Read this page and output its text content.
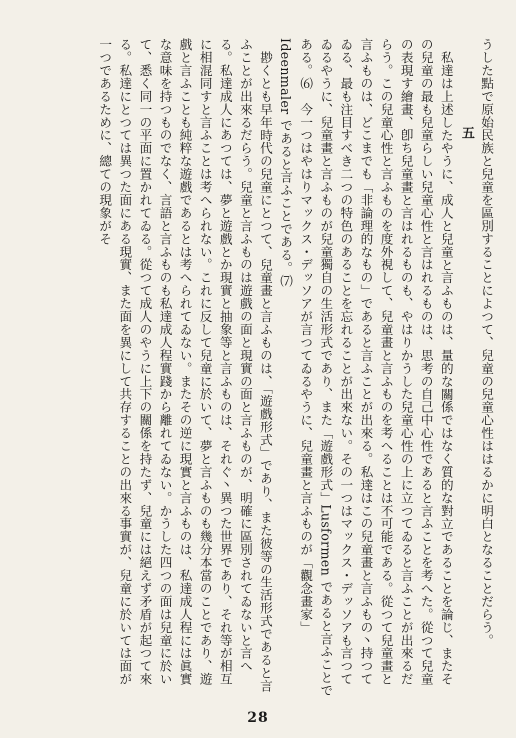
うした點で原始民族と兒童を區別することによつて、兒童の兒童心性ははるかに明白となることだらう。

五

私達は上述したやうに、成人と兒童と言ふものは、量的な關係ではなく質的な對立であることを論じ、またその兒童の最も兒童らしい兒童心性と言はれるものは、思考の自己中心性であると言ふことを考へた。從つて兒童の表現す繪畫、卽ち兒童畫と言はれるものも、やはりかうした兒童心性の上に立つてゐると言ふことが出來るだらう。この兒童心性と言ふものを度外視して、兒童畫と言ふものを考へることは不可能である。從つて兒童畫と言ふものは、どこまでも「非論理的なもの」であると言ふことが出來る。私達はこの兒童畫と言ふもの丶持つてゐる、最も注目すべき二つの特色のあることを忘れることが出來ない。その一つはマックス・デッソアも言つてゐるやうに、兒童畫と言ふものが兒童獨自の生活形式であり、また「遊戲形式」Lusformen であると言ふことである。⑹　今一つはやはりマックス・デッソアが言つてゐるやうに、兒童畫と言ふものが「觀念畫家」Ideenmaler であると言ふことである。⑺

尠くとも早年時代の兒童にとつて、兒童畫と言ふものは、「遊戲形式」であり、また彼等の生活形式であると言ふことが出來るだらう。兒童と言ふものは遊戲の面と現實の面と言ふものが、明確に區別されてゐないと言へる。私達成人にあつては、夢と遊戲とか現實と抽象等と言ふものは、それぐ丶異つた世界であり、それ等が相互に相混同すと言ふことは考へられない。これに反して兒童に於いて、夢と言ふものも幾分本當のことであり、遊戲と言ふことも純粹な遊戲であるとは考へられてゐない。またその逆に現實と言ふものは、私達成人程には眞實な意味を持つものでなく、言語と言ふものも私達成人程實踐から離れてゐない。かうした四つの面は兒童に於いて、悉く同一の平面に置かれてゐる。從つて成人のやうに上下の關係を持たず、兒童には絕えず矛盾が起つて來る。私達にとつては異つた面にある現實、また面を異にして共存することの出來る事實が、兒童に於いては面が一つであるために、總ての現象がそ

28
